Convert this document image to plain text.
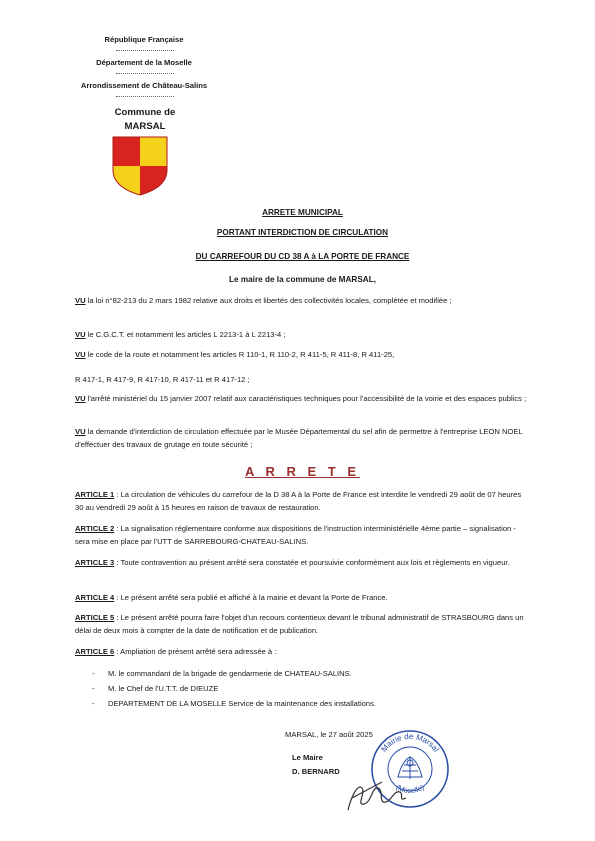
République Française
Département de la Moselle
Arrondissement de Château-Salins
Commune de
MARSAL
ARRETE MUNICIPAL
PORTANT INTERDICTION DE CIRCULATION
DU CARREFOUR DU CD 38 A à LA PORTE DE FRANCE
Le maire de la commune de MARSAL,
VU la loi n°82-213 du 2 mars 1982 relative aux droits et libertés des collectivités locales, complétée et modifiée ;
VU le C.G.C.T. et notamment les articles L 2213-1 à L 2213-4 ;
VU le code de la route et notamment les articles R 110-1, R 110-2, R 411-5, R 411-8, R 411-25,
R 417-1, R 417-9, R 417-10, R 417-11 et R 417-12 ;
VU l'arrêté ministériel du 15 janvier 2007 relatif aux caractéristiques techniques pour l'accessibilité de la voirie et des espaces publics ;
VU la demande d'interdiction de circulation effectuée par le Musée Départemental du sel afin de permettre à l'entreprise LEON NOEL d'effectuer des travaux de grutage en toute sécurité ;
A R R E T E
ARTICLE 1 : La circulation de véhicules du carrefour de la D 38 A à la Porte de France est interdite le vendredi 29 août de 07 heures 30 au vendredi 29 août à 15 heures en raison de travaux de restauration.
ARTICLE 2 : La signalisation réglementaire conforme aux dispositions de l'instruction interministérielle 4ème partie – signalisation - sera mise en place par l'UTT de SARREBOURG-CHATEAU-SALINS.
ARTICLE 3 : Toute contravention au présent arrêté sera constatée et poursuivie conformément aux lois et règlements en vigueur.
ARTICLE 4 : Le présent arrêté sera publié et affiché à la mairie et devant la Porte de France.
ARTICLE 5 : Le présent arrêté pourra faire l'objet d'un recours contentieux devant le tribunal administratif de STRASBOURG dans un délai de deux mois à compter de la date de notification et de publication.
ARTICLE 6 : Ampliation de présent arrêté sera adressée à :
-	M. le commandant de la brigade de gendarmerie de CHATEAU-SALINS.
-	M. le Chef de l'U.T.T. de DIEUZE
-	DEPARTEMENT DE LA MOSELLE Service de la maintenance des installations.
MARSAL, le 27 août 2025
Le Maire
D. BERNARD
Mairie de Marsal
(Moselle)
